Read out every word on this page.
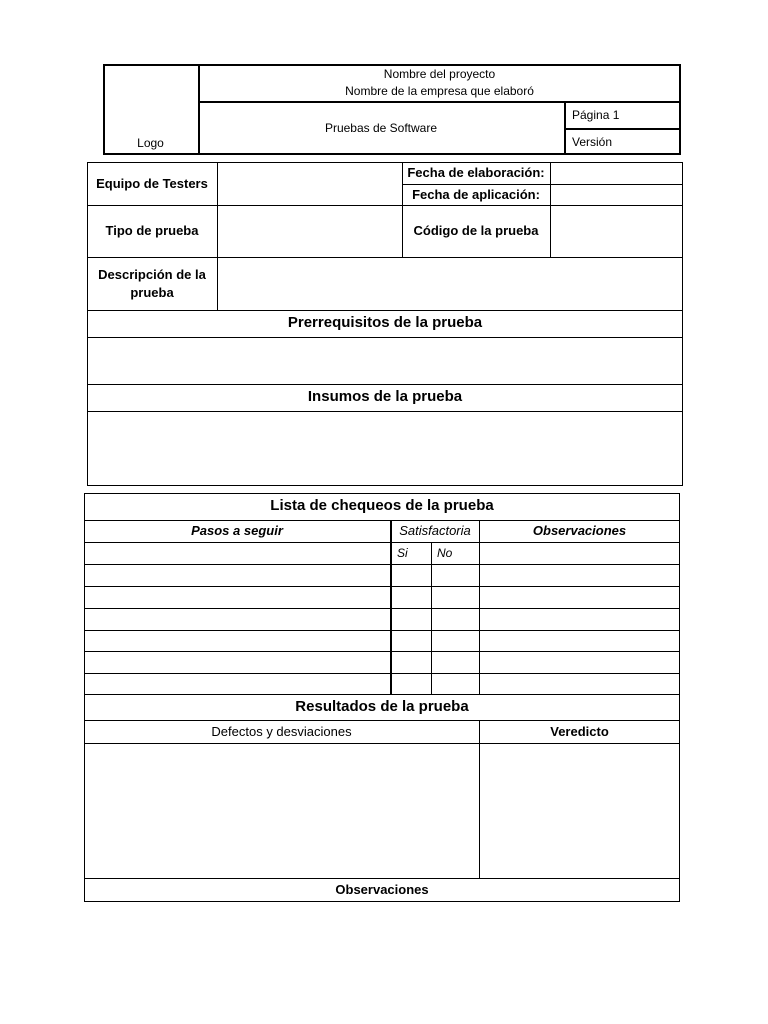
Logo
Nombre del proyecto
Nombre de la empresa que elaboró
Pruebas de Software
Página 1
Versión
Equipo de Testers
Fecha de elaboración:
Fecha de aplicación:
Tipo de prueba	Código de la prueba
Descripción de la prueba
Prerrequisitos de la prueba
Insumos de la prueba
Lista de chequeos de la prueba
Pasos a seguir	Satisfactoria	Observaciones
Si	No
Resultados de la prueba
Defectos y desviaciones	Veredicto
Observaciones
